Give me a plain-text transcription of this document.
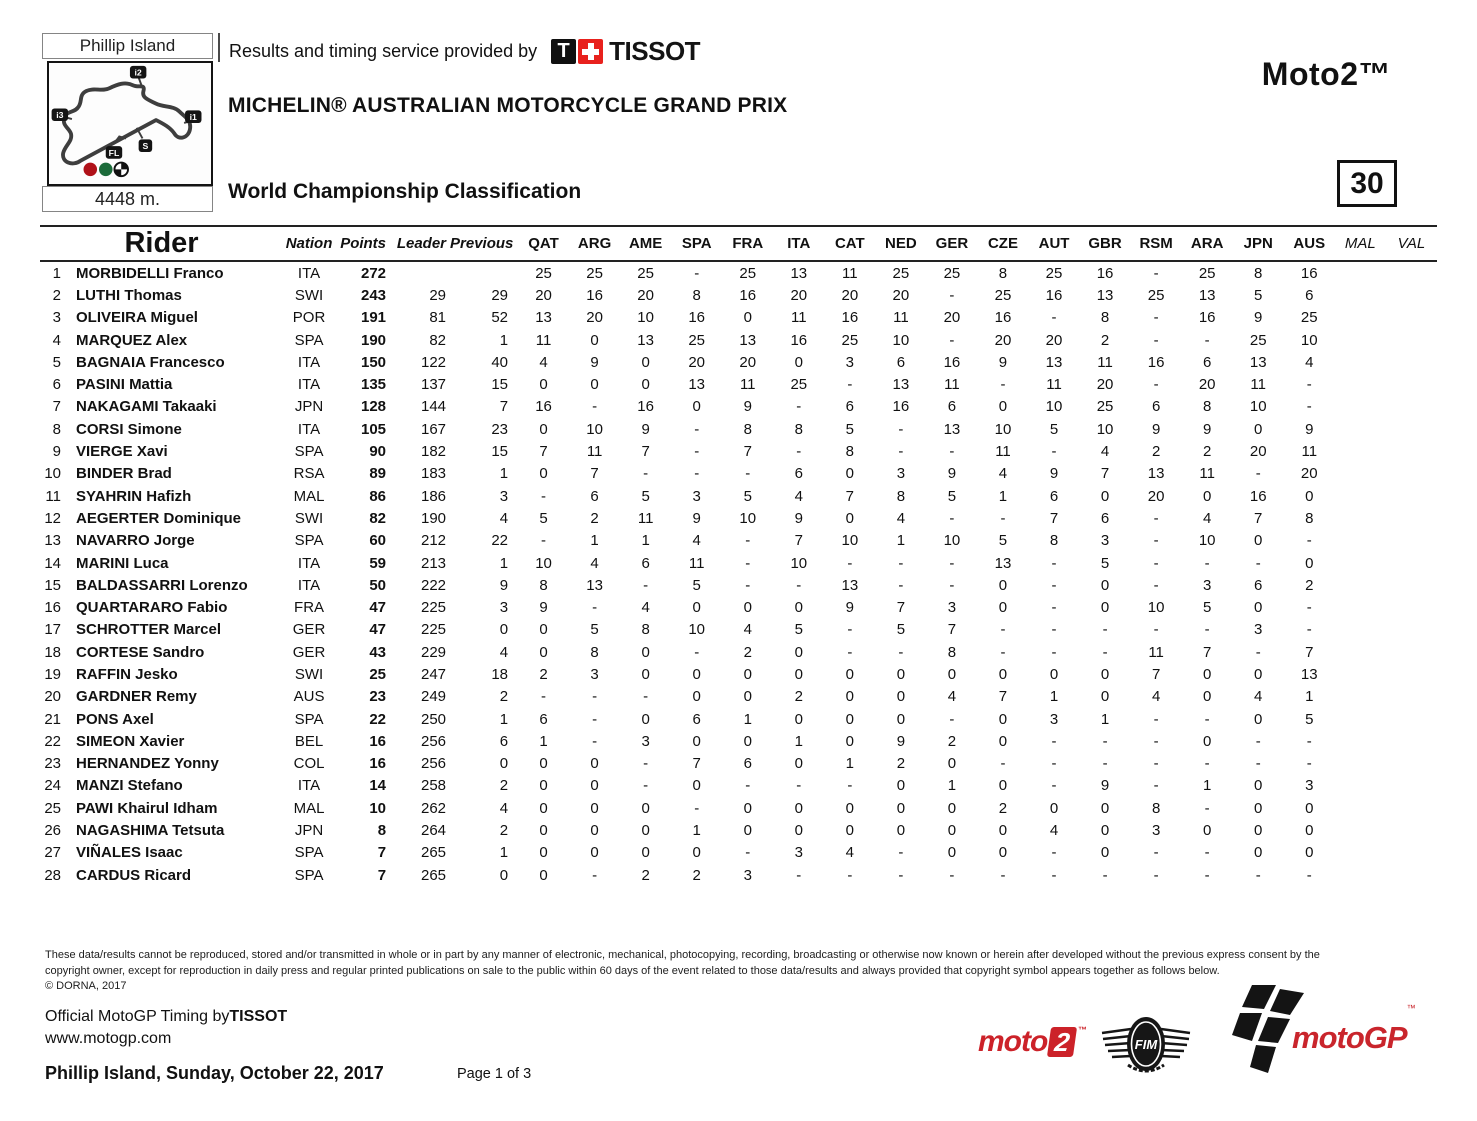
Phillip Island
i1
i2
i3
S
FL
4448 m.
Results and timing service provided by	T TISSOT
MICHELIN® AUSTRALIAN MOTORCYCLE GRAND PRIX
World Championship Classification
Moto2™
30
Rider		Nation	Points	Leader	Previous	QAT	ARG	AME	SPA	FRA	ITA	CAT	NED	GER	CZE	AUT	GBR	RSM	ARA	JPN	AUS	MAL	VAL
1	MORBIDELLI Franco	ITA	272			25	25	25	-	25	13	11	25	25	8	25	16	-	25	8	16		
2	LUTHI Thomas	SWI	243	29	29	20	16	20	8	16	20	20	20	-	25	16	13	25	13	5	6		
3	OLIVEIRA Miguel	POR	191	81	52	13	20	10	16	0	11	16	11	20	16	-	8	-	16	9	25		
4	MARQUEZ Alex	SPA	190	82	1	11	0	13	25	13	16	25	10	-	20	20	2	-	-	25	10		
5	BAGNAIA Francesco	ITA	150	122	40	4	9	0	20	20	0	3	6	16	9	13	11	16	6	13	4		
6	PASINI Mattia	ITA	135	137	15	0	0	0	13	11	25	-	13	11	-	11	20	-	20	11	-		
7	NAKAGAMI Takaaki	JPN	128	144	7	16	-	16	0	9	-	6	16	6	0	10	25	6	8	10	-		
8	CORSI Simone	ITA	105	167	23	0	10	9	-	8	8	5	-	13	10	5	10	9	9	0	9		
9	VIERGE Xavi	SPA	90	182	15	7	11	7	-	7	-	8	-	-	11	-	4	2	2	20	11		
10	BINDER Brad	RSA	89	183	1	0	7	-	-	-	6	0	3	9	4	9	7	13	11	-	20		
11	SYAHRIN Hafizh	MAL	86	186	3	-	6	5	3	5	4	7	8	5	1	6	0	20	0	16	0		
12	AEGERTER Dominique	SWI	82	190	4	5	2	11	9	10	9	0	4	-	-	7	6	-	4	7	8		
13	NAVARRO Jorge	SPA	60	212	22	-	1	1	4	-	7	10	1	10	5	8	3	-	10	0	-		
14	MARINI Luca	ITA	59	213	1	10	4	6	11	-	10	-	-	-	13	-	5	-	-	-	0		
15	BALDASSARRI Lorenzo	ITA	50	222	9	8	13	-	5	-	-	13	-	-	0	-	0	-	3	6	2		
16	QUARTARARO Fabio	FRA	47	225	3	9	-	4	0	0	0	9	7	3	0	-	0	10	5	0	-		
17	SCHROTTER Marcel	GER	47	225	0	0	5	8	10	4	5	-	5	7	-	-	-	-	-	3	-		
18	CORTESE Sandro	GER	43	229	4	0	8	0	-	2	0	-	-	8	-	-	-	11	7	-	7		
19	RAFFIN Jesko	SWI	25	247	18	2	3	0	0	0	0	0	0	0	0	0	0	7	0	0	13		
20	GARDNER Remy	AUS	23	249	2	-	-	-	0	0	2	0	0	4	7	1	0	4	0	4	1		
21	PONS Axel	SPA	22	250	1	6	-	0	6	1	0	0	0	-	0	3	1	-	-	0	5		
22	SIMEON Xavier	BEL	16	256	6	1	-	3	0	0	1	0	9	2	0	-	-	-	0	-	-		
23	HERNANDEZ Yonny	COL	16	256	0	0	0	-	7	6	0	1	2	0	-	-	-	-	-	-	-		
24	MANZI Stefano	ITA	14	258	2	0	0	-	0	-	-	-	0	1	0	-	9	-	1	0	3		
25	PAWI Khairul Idham	MAL	10	262	4	0	0	0	-	0	0	0	0	0	2	0	0	8	-	0	0		
26	NAGASHIMA Tetsuta	JPN	8	264	2	0	0	0	1	0	0	0	0	0	0	4	0	3	0	0	0		
27	VIÑALES Isaac	SPA	7	265	1	0	0	0	0	-	3	4	-	0	0	-	0	-	-	0	0		
28	CARDUS Ricard	SPA	7	265	0	0	-	2	2	3	-	-	-	-	-	-	-	-	-	-	-		
These data/results cannot be reproduced, stored and/or transmitted in whole or in part by any manner of electronic, mechanical, photocopying, recording, broadcasting or otherwise now known or herein after developed without the previous express consent by the
copyright owner, except for reproduction in daily press and regular printed publications on sale to the public within 60 days of the event related to those data/results and always provided that copyright symbol appears together as follows below.
© DORNA, 2017
Official MotoGP Timing byTISSOT
www.motogp.com
Phillip Island, Sunday, October 22, 2017	Page 1 of 3
moto 2 ™
FIM	motoGP
™
